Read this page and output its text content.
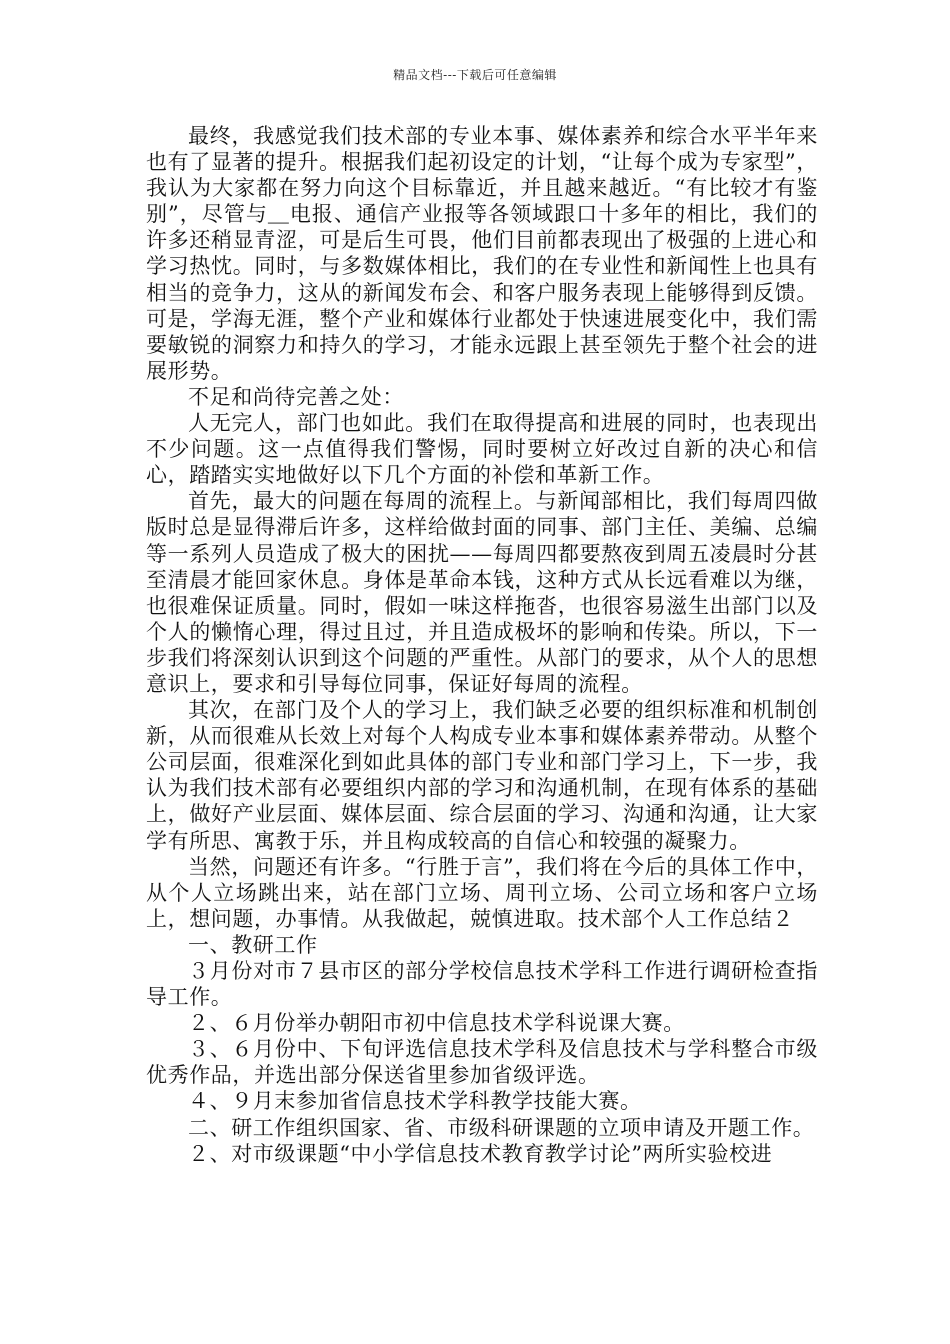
精品文档---下载后可任意编辑

最终，我感觉我们技术部的专业本事、媒体素养和综合水平半年来也有了显著的提升。根据我们起初设定的计划，“让每个成为专家型”，我认为大家都在努力向这个目标靠近，并且越来越近。“有比较才有鉴别”，尽管与＿电报、通信产业报等各领域跟口十多年的相比，我们的许多还稍显青涩，可是后生可畏，他们目前都表现出了极强的上进心和学习热忱。同时，与多数媒体相比，我们的在专业性和新闻性上也具有相当的竞争力，这从的新闻发布会、和客户服务表现上能够得到反馈。可是，学海无涯，整个产业和媒体行业都处于快速进展变化中，我们需要敏锐的洞察力和持久的学习，才能永远跟上甚至领先于整个社会的进展形势。

不足和尚待完善之处：

人无完人，部门也如此。我们在取得提高和进展的同时，也表现出不少问题。这一点值得我们警惕，同时要树立好改过自新的决心和信心，踏踏实实地做好以下几个方面的补偿和革新工作。

首先，最大的问题在每周的流程上。与新闻部相比，我们每周四做版时总是显得滞后许多，这样给做封面的同事、部门主任、美编、总编等一系列人员造成了极大的困扰——每周四都要熬夜到周五凌晨时分甚至清晨才能回家休息。身体是革命本钱，这种方式从长远看难以为继，也很难保证质量。同时，假如一味这样拖沓，也很容易滋生出部门以及个人的懒惰心理，得过且过，并且造成极坏的影响和传染。所以，下一步我们将深刻认识到这个问题的严重性。从部门的要求，从个人的思想意识上，要求和引导每位同事，保证好每周的流程。

其次，在部门及个人的学习上，我们缺乏必要的组织标准和机制创新，从而很难从长效上对每个人构成专业本事和媒体素养带动。从整个公司层面，很难深化到如此具体的部门专业和部门学习上，下一步，我认为我们技术部有必要组织内部的学习和沟通机制，在现有体系的基础上，做好产业层面、媒体层面、综合层面的学习、沟通和沟通，让大家学有所思、寓教于乐，并且构成较高的自信心和较强的凝聚力。

当然，问题还有许多。“行胜于言”，我们将在今后的具体工作中，从个人立场跳出来，站在部门立场、周刊立场、公司立场和客户立场上，想问题，办事情。从我做起，兢慎进取。技术部个人工作总结２

一、教研工作

３月份对市７县市区的部分学校信息技术学科工作进行调研检查指导工作。

２、６月份举办朝阳市初中信息技术学科说课大赛。

３、６月份中、下旬评选信息技术学科及信息技术与学科整合市级优秀作品，并选出部分保送省里参加省级评选。

４、９月末参加省信息技术学科教学技能大赛。

二、研工作组织国家、省、市级科研课题的立项申请及开题工作。

２、对市级课题“中小学信息技术教育教学讨论”两所实验校进
